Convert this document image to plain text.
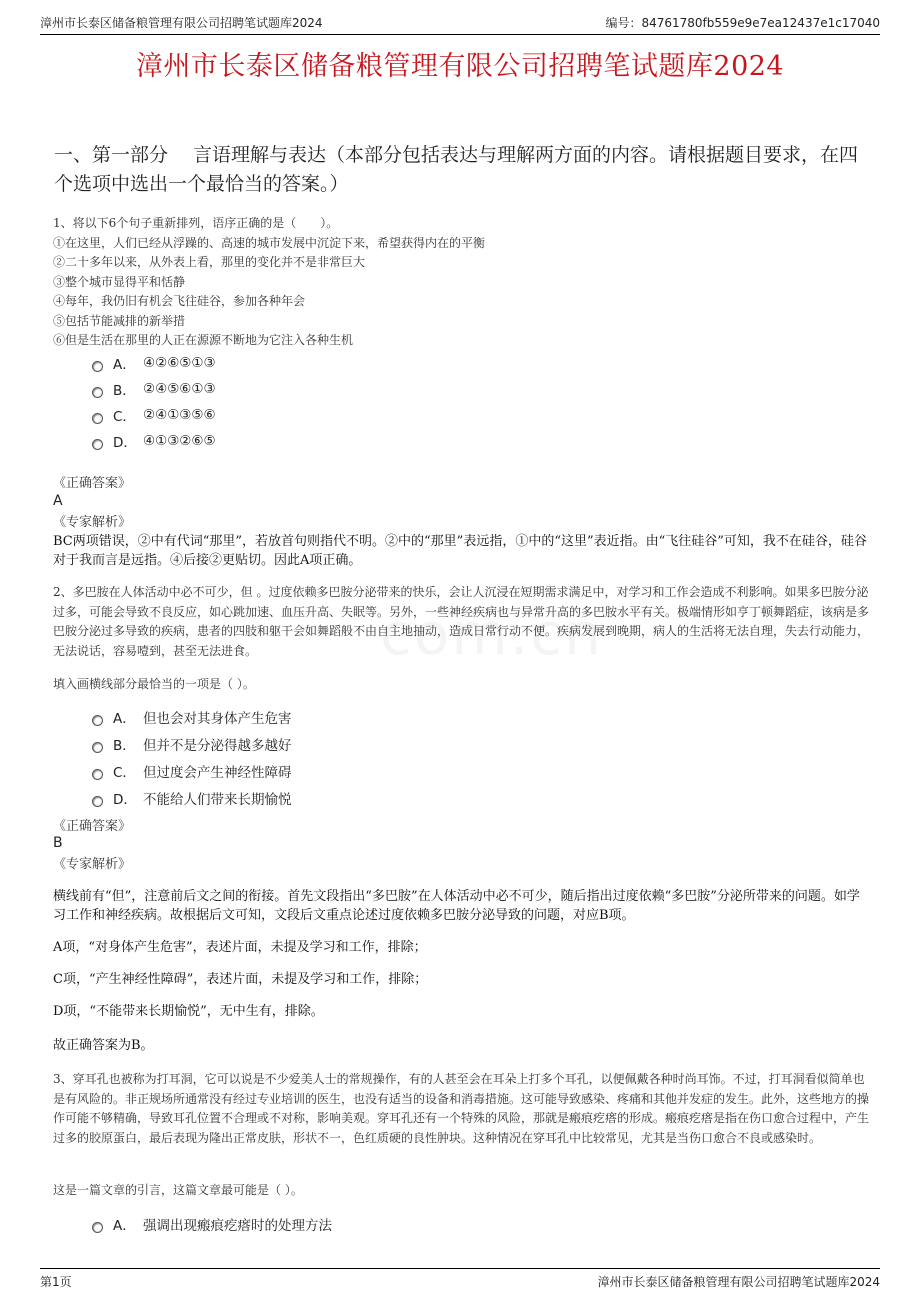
漳州市长泰区储备粮管理有限公司招聘笔试题库2024	编号：84761780fb559e9e7ea12437e1c17040
漳州市长泰区储备粮管理有限公司招聘笔试题库2024
一、第一部分　 言语理解与表达（本部分包括表达与理解两方面的内容。请根据题目要求，在四个选项中选出一个最恰当的答案。）

1、将以下6个句子重新排列，语序正确的是（　　）。

①在这里，人们已经从浮躁的、高速的城市发展中沉淀下来，希望获得内在的平衡

②二十多年以来，从外表上看，那里的变化并不是非常巨大

③整个城市显得平和恬静

④每年，我仍旧有机会飞往硅谷，参加各种年会

⑤包括节能减排的新举措

⑥但是生活在那里的人正在源源不断地为它注入各种生机

A． ④②⑥⑤①③
B． ②④⑤⑥①③
C． ②④①③⑤⑥
D． ④①③②⑥⑤
《正确答案》
A
《专家解析》
BC两项错误，②中有代词“那里”，若放首句则指代不明。②中的“那里”表远指，①中的“这里”表近指。由“飞往硅谷”可知，我不在硅谷，硅谷对于我而言是远指。④后接②更贴切。因此A项正确。
2、多巴胺在人体活动中必不可少，但 。过度依赖多巴胺分泌带来的快乐，会让人沉浸在短期需求满足中，对学习和工作会造成不利影响。如果多巴胺分泌过多，可能会导致不良反应，如心跳加速、血压升高、失眠等。另外，一些神经疾病也与异常升高的多巴胺水平有关。极端情形如亨丁顿舞蹈症，该病是多巴胺分泌过多导致的疾病，患者的四肢和躯干会如舞蹈般不由自主地抽动，造成日常行动不便。疾病发展到晚期，病人的生活将无法自理，失去行动能力，无法说话，容易噎到，甚至无法进食。
填入画横线部分最恰当的一项是（ ）。
A． 但也会对其身体产生危害
B． 但并不是分泌得越多越好
C． 但过度会产生神经性障碍
D． 不能给人们带来长期愉悦
《正确答案》
B
《专家解析》
横线前有“但”，注意前后文之间的衔接。首先文段指出“多巴胺”在人体活动中必不可少，随后指出过度依赖“多巴胺”分泌所带来的问题。如学习工作和神经疾病。故根据后文可知，文段后文重点论述过度依赖多巴胺分泌导致的问题，对应B项。
A项，“对身体产生危害”，表述片面，未提及学习和工作，排除；
C项，“产生神经性障碍”，表述片面，未提及学习和工作，排除；
D项，“不能带来长期愉悦”，无中生有，排除。
故正确答案为B。
3、穿耳孔也被称为打耳洞，它可以说是不少爱美人士的常规操作，有的人甚至会在耳朵上打多个耳孔，以便佩戴各种时尚耳饰。不过，打耳洞看似简单也是有风险的。非正规场所通常没有经过专业培训的医生，也没有适当的设备和消毒措施。这可能导致感染、疼痛和其他并发症的发生。此外，这些地方的操作可能不够精确，导致耳孔位置不合理或不对称，影响美观。穿耳孔还有一个特殊的风险，那就是瘢痕疙瘩的形成。瘢痕疙瘩是指在伤口愈合过程中，产生过多的胶原蛋白，最后表现为隆出正常皮肤，形状不一，色红质硬的良性肿块。这种情况在穿耳孔中比较常见，尤其是当伤口愈合不良或感染时。
这是一篇文章的引言，这篇文章最可能是（ ）。
A． 强调出现瘢痕疙瘩时的处理方法
第1页	漳州市长泰区储备粮管理有限公司招聘笔试题库2024
